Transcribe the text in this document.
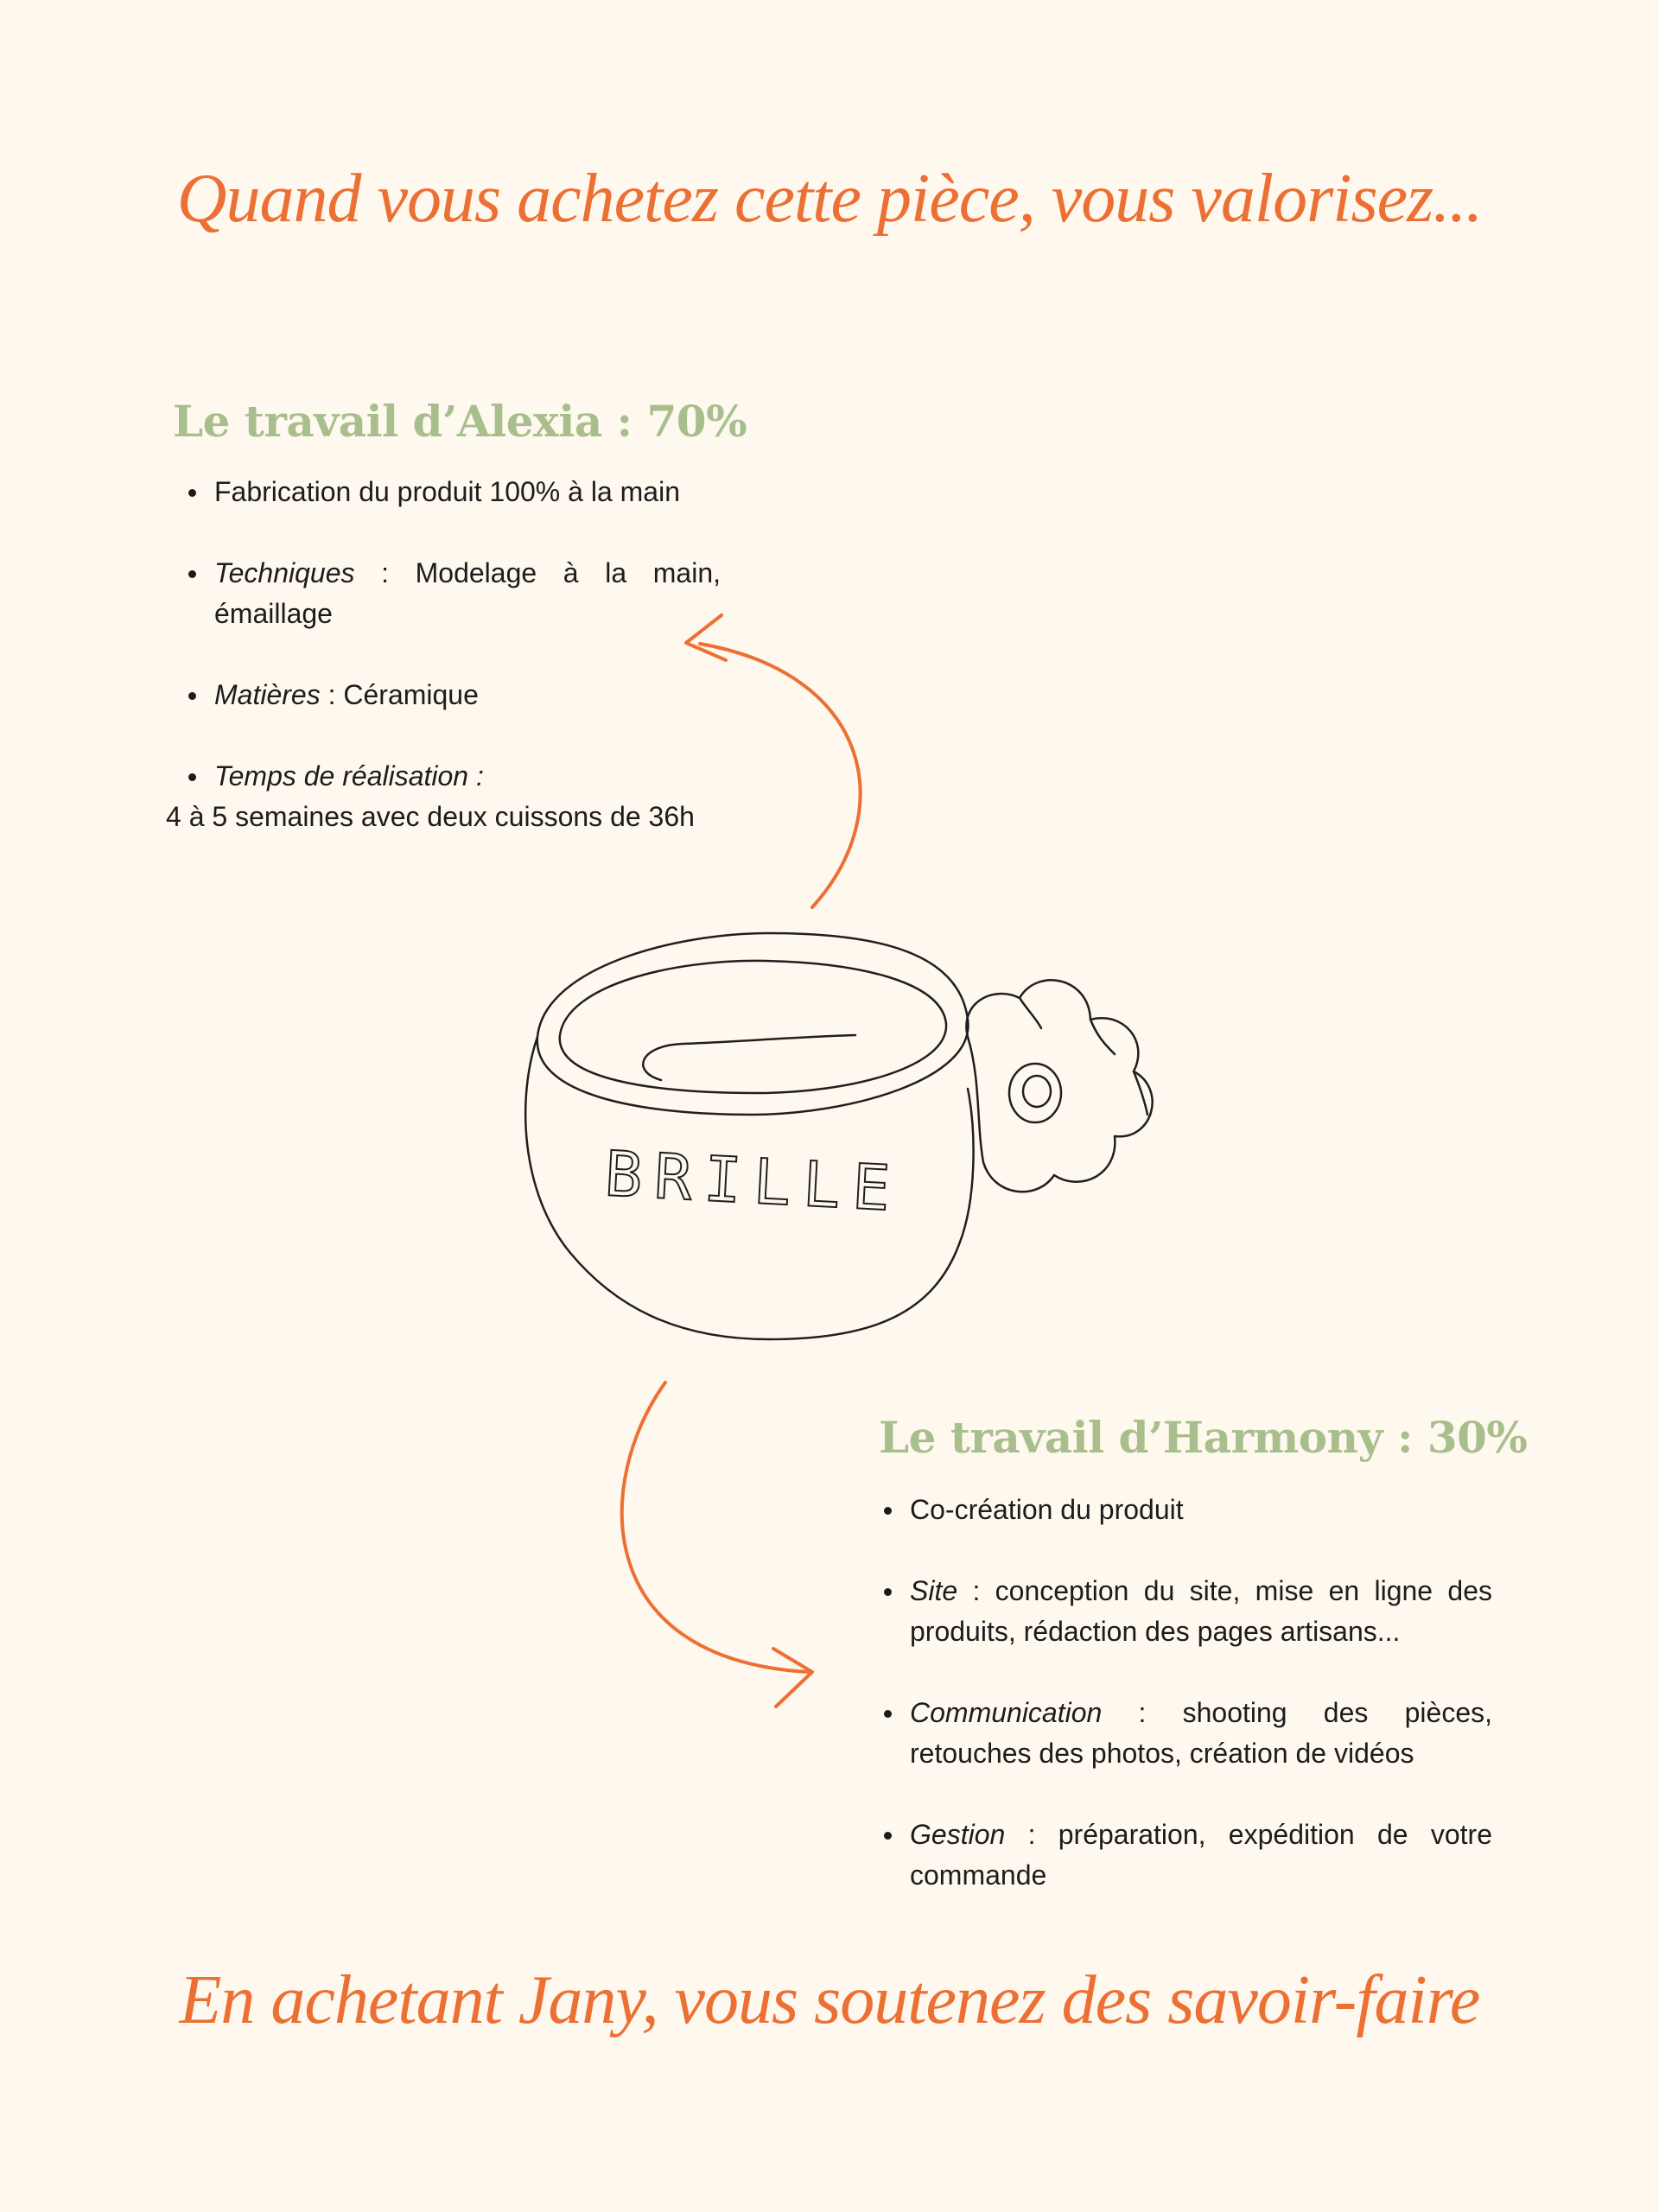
Quand vous achetez cette pièce, vous valorisez...
Le travail d’Alexia : 70%
Fabrication du produit 100% à la main
Techniques : Modelage à la main, émaillage
Matières : Céramique
Temps de réalisation :
4 à 5 semaines avec deux cuissons de 36h
BRILLE
Le travail d’Harmony : 30%
Co-création du produit
Site : conception du site, mise en ligne des produits, rédaction des pages artisans...
Communication : shooting des pièces, retouches des photos, création de vidéos
Gestion : préparation, expédition de votre commande
En achetant Jany, vous soutenez des savoir-faire
